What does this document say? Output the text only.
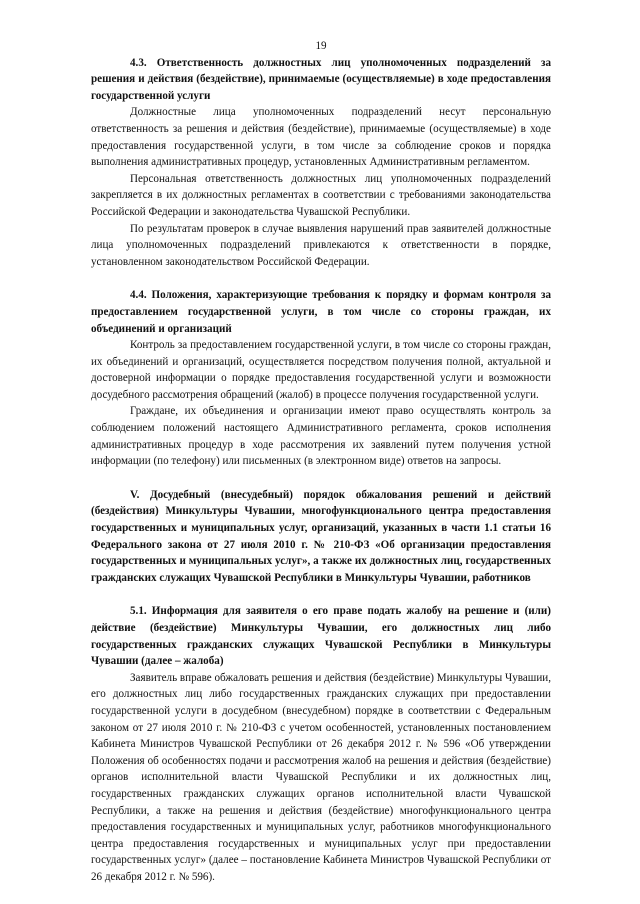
19

4.3. Ответственность должностных лиц уполномоченных подразделений за решения и действия (бездействие), принимаемые (осуществляемые) в ходе предоставления государственной услуги

Должностные лица уполномоченных подразделений несут персональную ответственность за решения и действия (бездействие), принимаемые (осуществляемые) в ходе предоставления государственной услуги, в том числе за соблюдение сроков и порядка выполнения административных процедур, установленных Административным регламентом.

Персональная ответственность должностных лиц уполномоченных подразделений закрепляется в их должностных регламентах в соответствии с требованиями законодательства Российской Федерации и законодательства Чувашской Республики.

По результатам проверок в случае выявления нарушений прав заявителей должностные лица уполномоченных подразделений привлекаются к ответственности в порядке, установленном законодательством Российской Федерации.

4.4. Положения, характеризующие требования к порядку и формам контроля за предоставлением государственной услуги, в том числе со стороны граждан, их объединений и организаций

Контроль за предоставлением государственной услуги, в том числе со стороны граждан, их объединений и организаций, осуществляется посредством получения полной, актуальной и достоверной информации о порядке предоставления государственной услуги и возможности досудебного рассмотрения обращений (жалоб) в процессе получения государственной услуги.

Граждане, их объединения и организации имеют право осуществлять контроль за соблюдением положений настоящего Административного регламента, сроков исполнения административных процедур в ходе рассмотрения их заявлений путем получения устной информации (по телефону) или письменных (в электронном виде) ответов на запросы.

V. Досудебный (внесудебный) порядок обжалования решений и действий (бездействия) Минкультуры Чувашии, многофункционального центра предоставления государственных и муниципальных услуг, организаций, указанных в части 1.1 статьи 16 Федерального закона от 27 июля 2010 г. № 210-ФЗ «Об организации предоставления государственных и муниципальных услуг», а также их должностных лиц, государственных гражданских служащих Чувашской Республики в Минкультуры Чувашии, работников

5.1. Информация для заявителя о его праве подать жалобу на решение и (или) действие (бездействие) Минкультуры Чувашии, его должностных лиц либо государственных гражданских служащих Чувашской Республики в Минкультуры Чувашии (далее – жалоба)

Заявитель вправе обжаловать решения и действия (бездействие) Минкультуры Чувашии, его должностных лиц либо государственных гражданских служащих при предоставлении государственной услуги в досудебном (внесудебном) порядке в соответствии с Федеральным законом от 27 июля 2010 г. № 210-ФЗ с учетом особенностей, установленных постановлением Кабинета Министров Чувашской Республики от 26 декабря 2012 г. № 596 «Об утверждении Положения об особенностях подачи и рассмотрения жалоб на решения и действия (бездействие) органов исполнительной власти Чувашской Республики и их должностных лиц, государственных гражданских служащих органов исполнительной власти Чувашской Республики, а также на решения и действия (бездействие) многофункционального центра предоставления государственных и муниципальных услуг, работников многофункционального центра предоставления государственных и муниципальных услуг при предоставлении государственных услуг» (далее – постановление Кабинета Министров Чувашской Республики от 26 декабря 2012 г. № 596).
